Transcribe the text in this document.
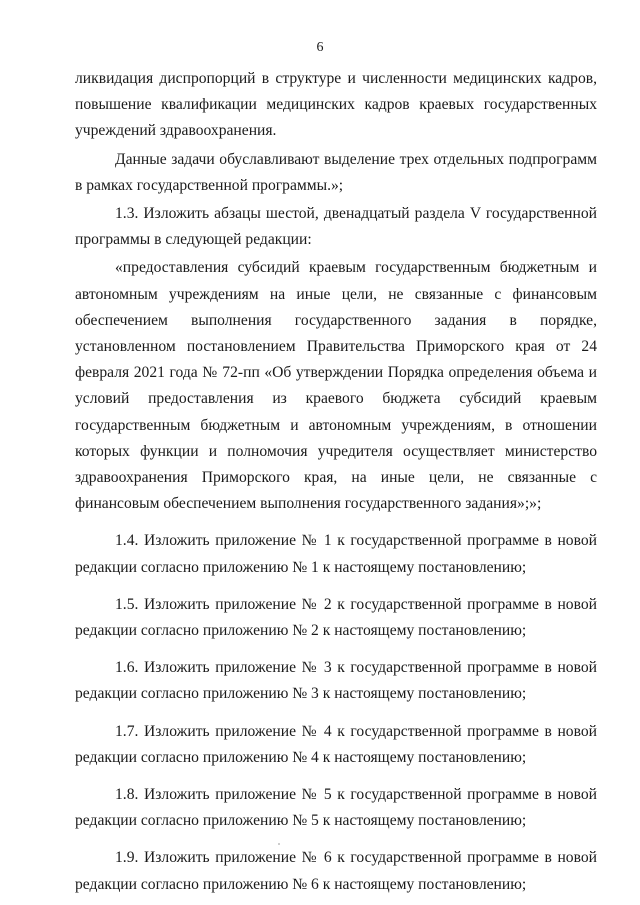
6

ликвидация диспропорций в структуре и численности медицинских кадров, повышение квалификации медицинских кадров краевых государственных учреждений здравоохранения.

Данные задачи обуславливают выделение трех отдельных подпрограмм в рамках государственной программы.»;

1.3. Изложить абзацы шестой, двенадцатый раздела V государственной программы в следующей редакции:

«предоставления субсидий краевым государственным бюджетным и автономным учреждениям на иные цели, не связанные с финансовым обеспечением выполнения государственного задания в порядке, установленном постановлением Правительства Приморского края от 24 февраля 2021 года № 72-пп «Об утверждении Порядка определения объема и условий предоставления из краевого бюджета субсидий краевым государственным бюджетным и автономным учреждениям, в отношении которых функции и полномочия учредителя осуществляет министерство здравоохранения Приморского края, на иные цели, не связанные с финансовым обеспечением выполнения государственного задания»;»;

1.4. Изложить приложение № 1 к государственной программе в новой редакции согласно приложению № 1 к настоящему постановлению;

1.5. Изложить приложение № 2 к государственной программе в новой редакции согласно приложению № 2 к настоящему постановлению;

1.6. Изложить приложение № 3 к государственной программе в новой редакции согласно приложению № 3 к настоящему постановлению;

1.7. Изложить приложение № 4 к государственной программе в новой редакции согласно приложению № 4 к настоящему постановлению;

1.8. Изложить приложение № 5 к государственной программе в новой редакции согласно приложению № 5 к настоящему постановлению;

1.9. Изложить приложение № 6 к государственной программе в новой редакции согласно приложению № 6 к настоящему постановлению;
